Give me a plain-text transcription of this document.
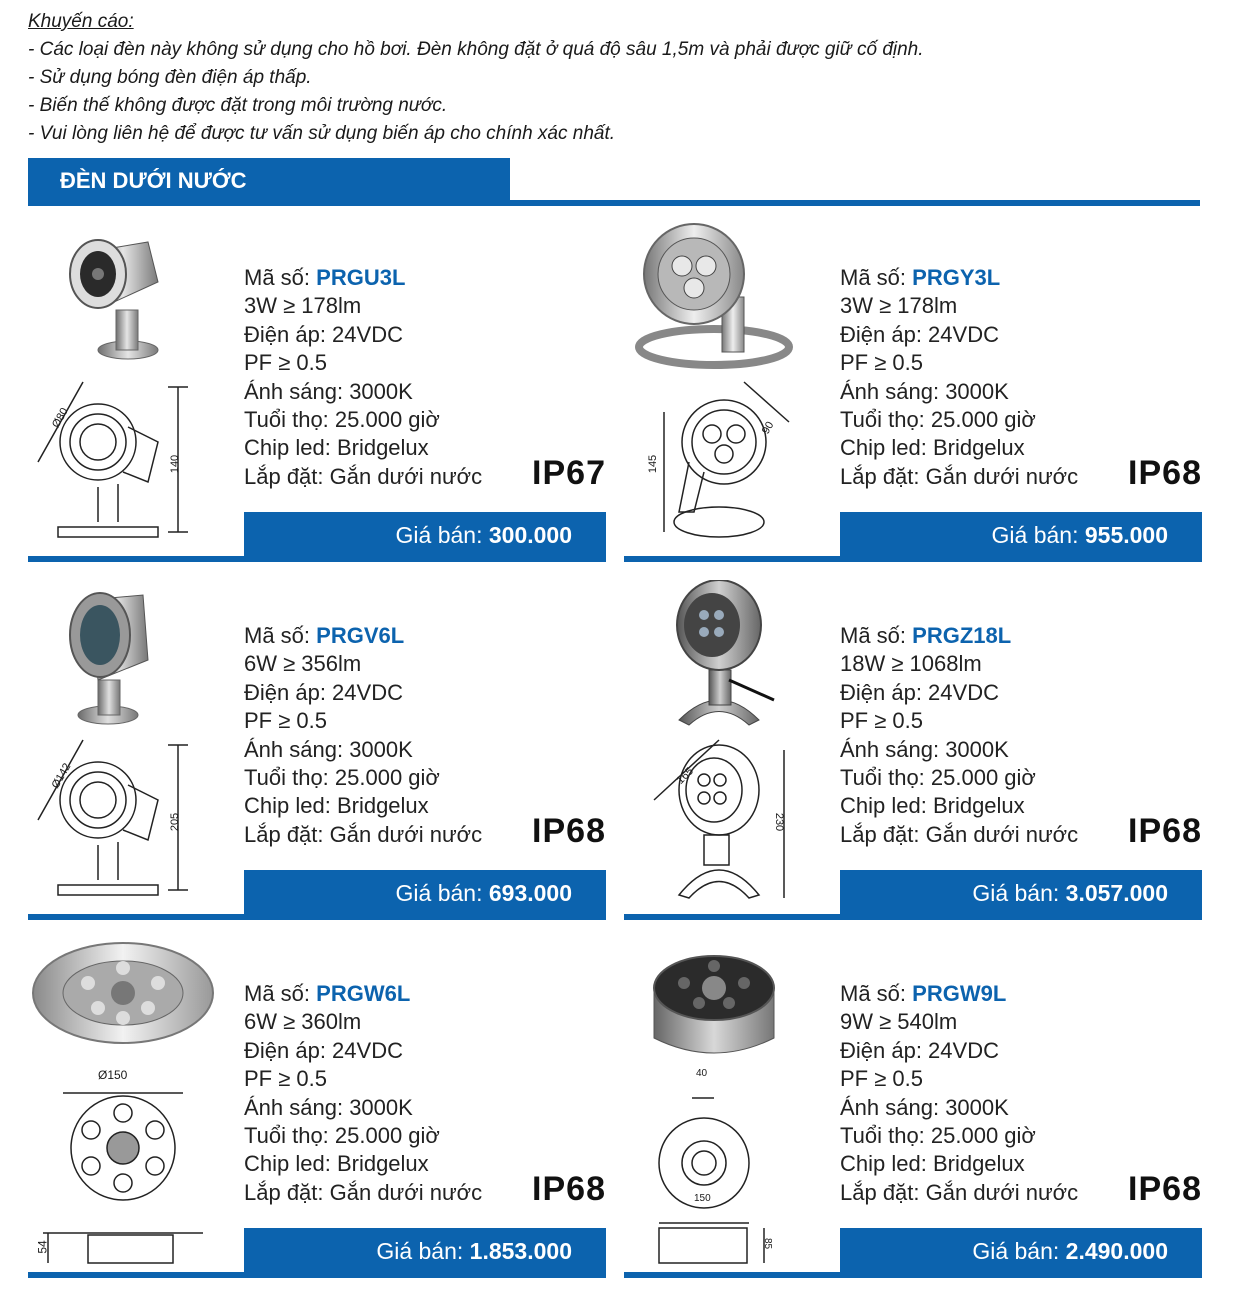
Khuyến cáo:
- Các loại đèn này không sử dụng cho hồ bơi. Đèn không đặt ở quá độ sâu 1,5m và phải được giữ cố định.
- Sử dụng bóng đèn điện áp thấp.
- Biến thế không được đặt trong môi trường nước.
- Vui lòng liên hệ để được tư vấn sử dụng biến áp cho chính xác nhất.
ĐÈN DƯỚI NƯỚC
Ø80
140
Mã số: PRGU3L
3W ≥ 178lm
Điện áp: 24VDC
PF ≥ 0.5
Ánh sáng: 3000K
Tuổi thọ: 25.000 giờ
Chip led: Bridgelux
Lắp đặt: Gắn dưới nước IP67
Giá bán: 300.000
145
90
Mã số: PRGY3L
3W ≥ 178lm
Điện áp: 24VDC
PF ≥ 0.5
Ánh sáng: 3000K
Tuổi thọ: 25.000 giờ
Chip led: Bridgelux
Lắp đặt: Gắn dưới nước IP68
Giá bán: 955.000
Ø142
205
Mã số: PRGV6L
6W ≥ 356lm
Điện áp: 24VDC
PF ≥ 0.5
Ánh sáng: 3000K
Tuổi thọ: 25.000 giờ
Chip led: Bridgelux
Lắp đặt: Gắn dưới nước IP68
Giá bán: 693.000
165
230
Mã số: PRGZ18L
18W ≥ 1068lm
Điện áp: 24VDC
PF ≥ 0.5
Ánh sáng: 3000K
Tuổi thọ: 25.000 giờ
Chip led: Bridgelux
Lắp đặt: Gắn dưới nước IP68
Giá bán: 3.057.000
Ø150
54
Mã số: PRGW6L
6W ≥ 360lm
Điện áp: 24VDC
PF ≥ 0.5
Ánh sáng: 3000K
Tuổi thọ: 25.000 giờ
Chip led: Bridgelux
Lắp đặt: Gắn dưới nước IP68
Giá bán: 1.853.000
40
150
85
Mã số: PRGW9L
9W ≥ 540lm
Điện áp: 24VDC
PF ≥ 0.5
Ánh sáng: 3000K
Tuổi thọ: 25.000 giờ
Chip led: Bridgelux
Lắp đặt: Gắn dưới nước IP68
Giá bán: 2.490.000
